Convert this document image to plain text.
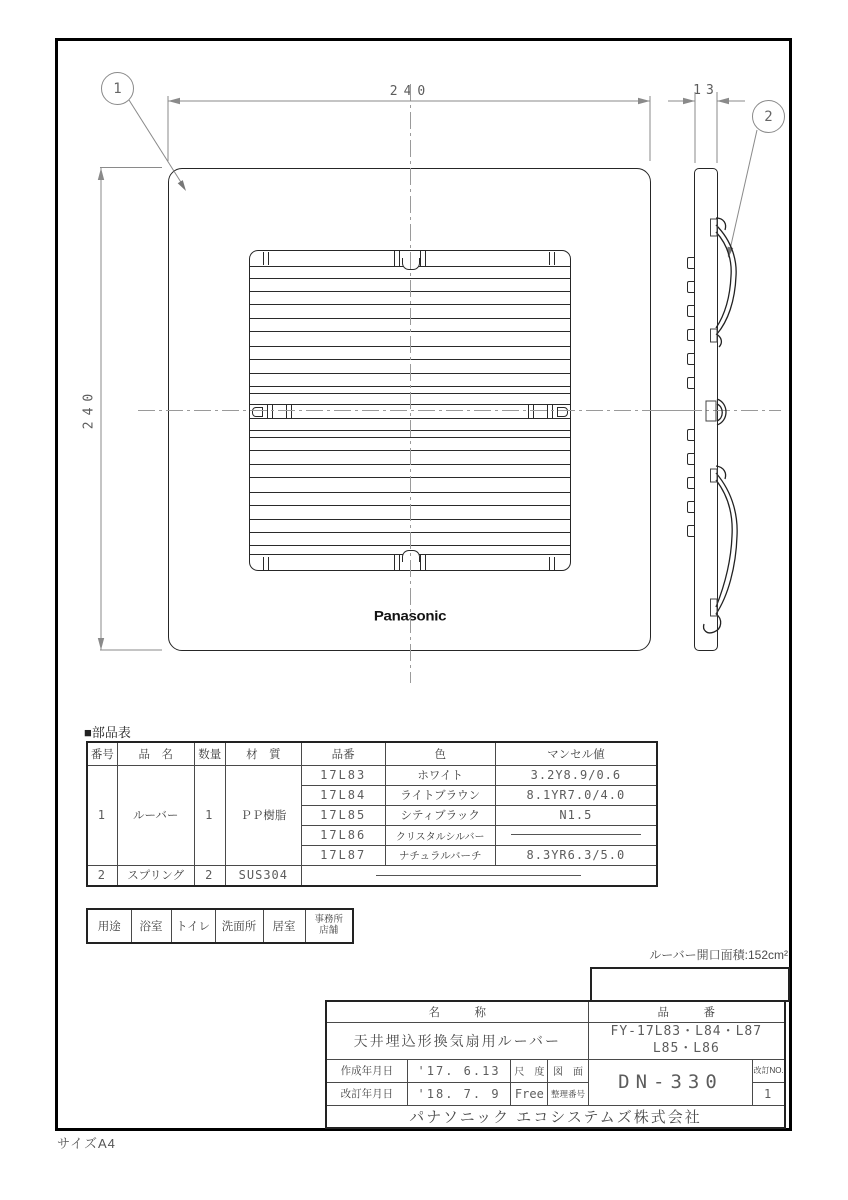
Panasonic
240
240
13
1
2
■部品表
番号	品　名	数量	材　質	品番	色	マンセル値
1	ルーバー	1	ＰＰ樹脂	17L83	ホワイト	3.2Y8.9/0.6
				17L84	ライトブラウン	8.1YR7.0/4.0
				17L85	シティブラック	N1.5
				17L86	クリスタルシルバー	
				17L87	ナチュラルバーチ	8.3YR6.3/5.0
2	スプリング	2	SUS304			
用途	浴室	トイレ	洗面所	居室	
事務所
店舗
ルーバー開口面積:152cm²
名　　　称				品　　　番	
天井埋込形換気扇用ルーバー				FY-17L83・L84・L87
L85・L86	

作成年月日	'17. 6.13	尺　度	図　面	DN-330	改訂NO.
改訂年月日	'18. 7. 9	Free	整理番号		1
パナソニック エコシステムズ株式会社					
サイズA4
